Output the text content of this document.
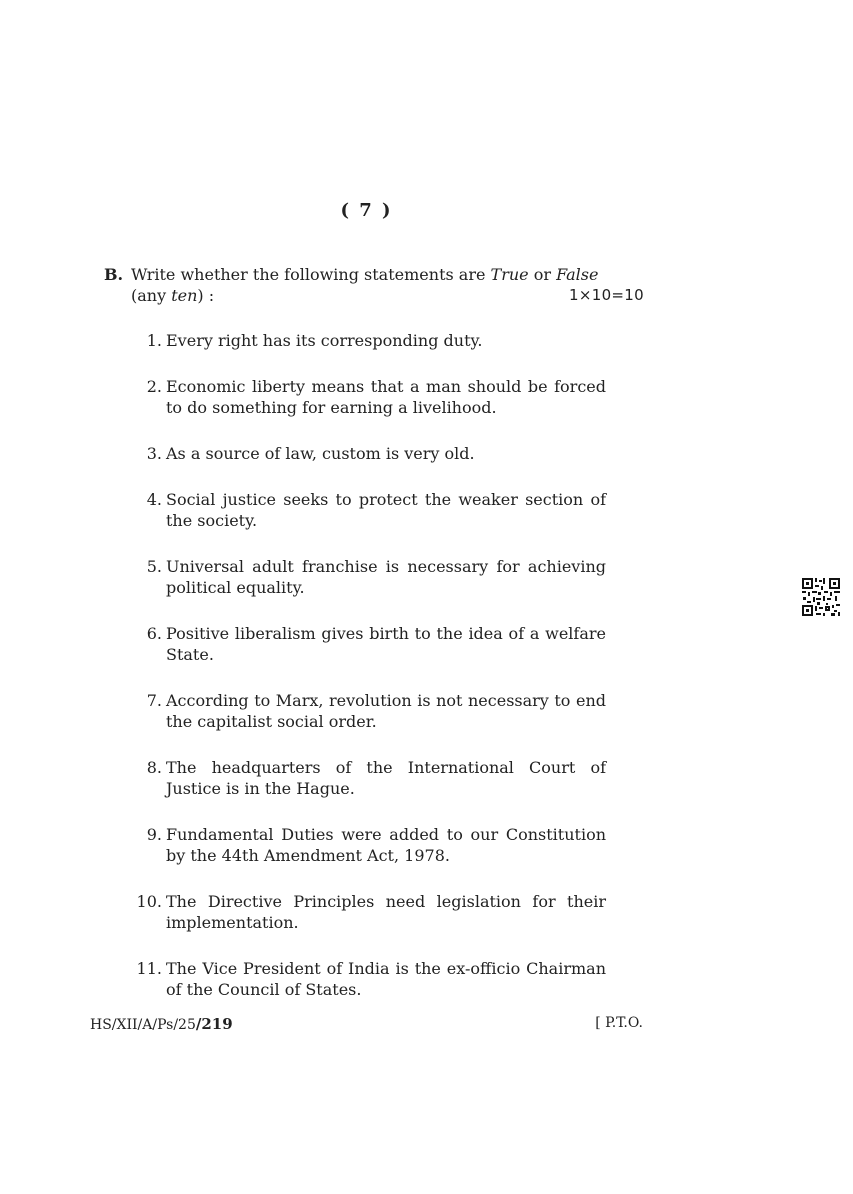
( 7 )
B. Write whether the following statements are True or False
(any ten) :	1×10=10
1. Every right has its corresponding duty.
2. Economic liberty means that a man should be forced
to do something for earning a livelihood.
3. As a source of law, custom is very old.
4. Social justice seeks to protect the weaker section of
the society.
5. Universal adult franchise is necessary for achieving
political equality.
6. Positive liberalism gives birth to the idea of a welfare
State.
7. According to Marx, revolution is not necessary to end
the capitalist social order.
8. The headquarters of the International Court of
Justice is in the Hague.
9. Fundamental Duties were added to our Constitution
by the 44th Amendment Act, 1978.
10. The Directive Principles need legislation for their
implementation.
11. The Vice President of India is the ex-officio Chairman
of the Council of States.
HS/XII/A/Ps/25/219	[ P.T.O.
